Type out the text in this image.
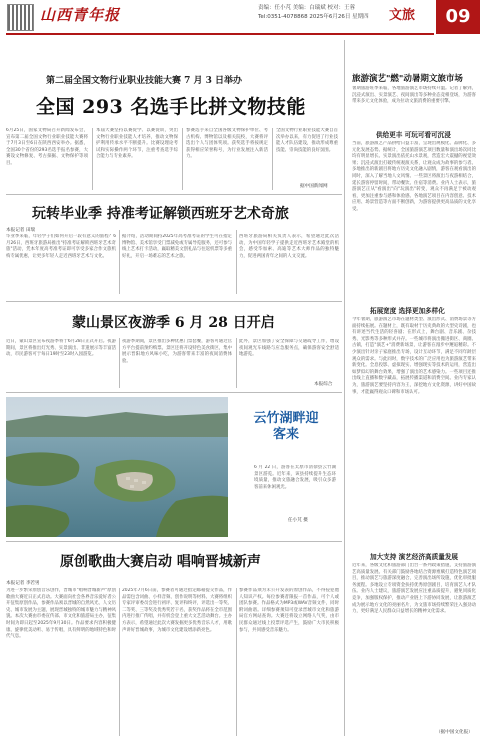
山西青年报	责编：任小芃 美编：白瑞斌 校对：王蓉
Tel:0351-4078868 2025年6月26日 星期四 文旅	09
第二届全国文物行业职业技能大赛 7 月 3 日举办
全国 293 名选手比拼文物技能
6月25日，国家文物局召开新闻发布会，宣布第二届全国文物行业职业技能大赛将于7月3日至6日在陕西西安举办。据悉，全国30个省份的293名选手报名参赛，大赛设文物修复、考古探掘、文物保护等项目。
本届大赛坚持以赛促学、以赛促训，突出文物行业职业技能人才培养，推动文物保护利用传承水平不断提升。比赛设理论考试和实际操作两个环节，注重考查选手综合能力与专业素养。
参赛选手来自全国各级文物保护单位、考古机构、博物馆以及相关院校，大赛将评选出个人与团体奖项。获奖选手将按规定获得相应荣誉称号，为行业发展注入新活力。
全国文物行业职业技能大赛自首次举办以来，有力促进了行业技能人才队伍建设，推动形成尊重技能、崇尚技能的良好氛围。
据中国新闻网
玩转毕业季 持准考证解锁西班牙艺术奇旅
本报记者 田瑞
毕业季来临，年轻学子们如何开启一段有意义的旅程？6月26日，西班牙旅游局推出"持准考证解锁西班牙艺术奇旅"活动，凭本年度高考准考证即可享受多家合作文旅机构专属优惠，让更多年轻人走近西班牙艺术与文化。
据介绍，活动期间持2025年高考准考证的学生可在指定博物馆、美术馆享受门票减免或专属导览服务，还可参与线上艺术打卡活动，赢取精美文创礼品与往返机票等多重好礼，开启一场难忘的艺术之旅。
西班牙旅游局相关负责人表示，希望通过此次活动，为中国年轻学子提供走近西班牙艺术殿堂的机会，感受毕加索、高迪等艺术大师作品的独特魅力，促进两国青年之间的人文交流。
蒙山景区夜游季 6 月 28 日开启
近日，蒙山景区宣布夜游季将于6月28日正式开启。夜游期间，景区将推出灯光秀、实景演出、非遗展示等丰富活动，市民游客可于每日19时至23时入园游览。
夜游季期间，景区推出多种优惠门票套餐，游客可通过官方平台提前预约购票。景区还将开设特色美食街区，集中展示晋阳地方风味小吃，为游客带来丰富的夜间消费体验。
此外，景区加强了安全保障与交通疏导工作，增设夜间观光车线路与应急服务点，确保游客安全舒适地游览。
本报综合
云竹湖畔迎客来
6 月 22 日，游客在太原市清徐县云竹湖景区游览。近年来，该县持续提升生态环境质量，推动文旅融合发展，吸引众多游客前来休闲观光。
任小芃 摄
原创歌曲大赛启动 唱响晋城新声
本报记者 李若男
为进一步繁荣原创音乐创作，晋城市"唱响晋城新声"原创歌曲大赛近日正式启动。大赛面向社会各界音乐爱好者公开征集原创作品，参赛作品须以晋城的自然风光、人文历史、城市发展为主题，展现晋城独特的城市魅力与精神风貌。本次大赛由市委宣传部、市文化和旅游局主办，征集时间为即日起至2025年9月30日。作品要求内容积极健康、旋律优美动听、易于传唱，具有鲜明的地域特色和时代气息。
2025年7月6日前，参赛者可通过指定邮箱提交作品，作品需包含词曲、小样音频、创作说明等材料。大赛将组织专家评审委员会进行初评、复评和终评，评选出一等奖、二等奖、三等奖及优秀奖若干名，获奖作品将在全市范围内进行推广传唱，并有机会登上重大文艺活动舞台。主办方表示，希望通过此次大赛发掘更多优秀音乐人才，用歌声讲好晋城故事，为城市文化建设增添新亮色。
参赛作品须为未公开发表的原创作品，不得侵犯他人知识产权。每位参赛者限报一首作品，可个人或团队参赛。作品格式为MP3或WAV音频文件，同时附词曲谱。详细参赛须知可登录晋城市文化和旅游局官方网站查询。大赛还将设立网络人气奖，由市民群众通过线上投票评选产生，鼓励广大市民积极参与，共同感受音乐魅力。
旅游演艺"燃"动暑期文旅市场
暑期旅游旺季来临，各地旅游演艺市场持续升温。记者了解到，沉浸式演出、实景演艺、夜间演出等多种业态竞相登场，为游客带来多元文化体验，成为拉动文旅消费的重要引擎。
供给更丰 可玩可看可沉浸
当前，旅游演艺产品供给日益丰富，呈现出规模化、品牌化、多元化发展态势。据统计，全国旅游演艺项目数量和演出场次同比均有明显增长。实景演出依托山水景观，营造宏大震撼的视觉效果；沉浸式演出打破传统观演关系，让观众成为故事的参与者。多地推出的新剧目将地方历史文化融入剧情，游客在观看演出的同时，深入了解当地人文风情。一些景区将演出与夜游相结合，延长游客停留时间，带动餐饮、住宿等消费。业内人士表示，旅游演艺正从"看演出"向"玩演出"转变，观众不再满足于被动观看，更加注重参与感和体验感。各地演艺项目在内容创意、技术应用、场景营造等方面不断创新，为游客提供更高品质的文化享受。
拓展宽度 选择更加多样化
今年暑期，旅游演艺市场在题材类型、演出形式、消费场景等方面持续拓展。在题材上，既有取材于历史典故的大型史诗剧，也有讲述当代生活的轻喜剧；在形式上，舞台剧、音乐剧、杂技秀、光影秀等多种形式并存。一些城市将演出搬进街区、商圈、古镇，打造"演艺+"消费新场景，让游客在漫步中邂逅精彩。不少演出针对亲子家庭推出专场，设计互动环节，满足不同年龄层观众的需求。与此同时，数字技术的广泛应用也为旅游演艺带来新变化。全息投影、虚拟现实、增强现实等技术的运用，营造出如梦似幻的舞台效果，增强了演出的艺术感染力。一些项目还推出线上直播和数字藏品，拓展传播渠道和消费空间。业内专家认为，旅游演艺要坚持内容为王，深挖地方文化资源，讲好中国故事，才能赢得观众口碑和市场认可。
加大支持 演艺经济高质量发展
近年来，各级文化和旅游部门出台一系列政策措施，支持旅游演艺高质量发展。有关部门鼓励各地结合资源禀赋打造特色演艺项目，推动演艺与旅游深度融合，完善演出场所设施，优化审批服务流程。多地设立专项资金扶持优秀原创剧目，培育演艺人才队伍。业内人士建议，旅游演艺发展应注重品质提升，避免同质化竞争，加强版权保护，推动产业链上下游协同发展，让旅游演艺成为展示地方文化的亮丽名片，为文旅市场持续繁荣注入强劲动力，更好满足人民群众日益增长的精神文化需求。
（据中国文化报）
